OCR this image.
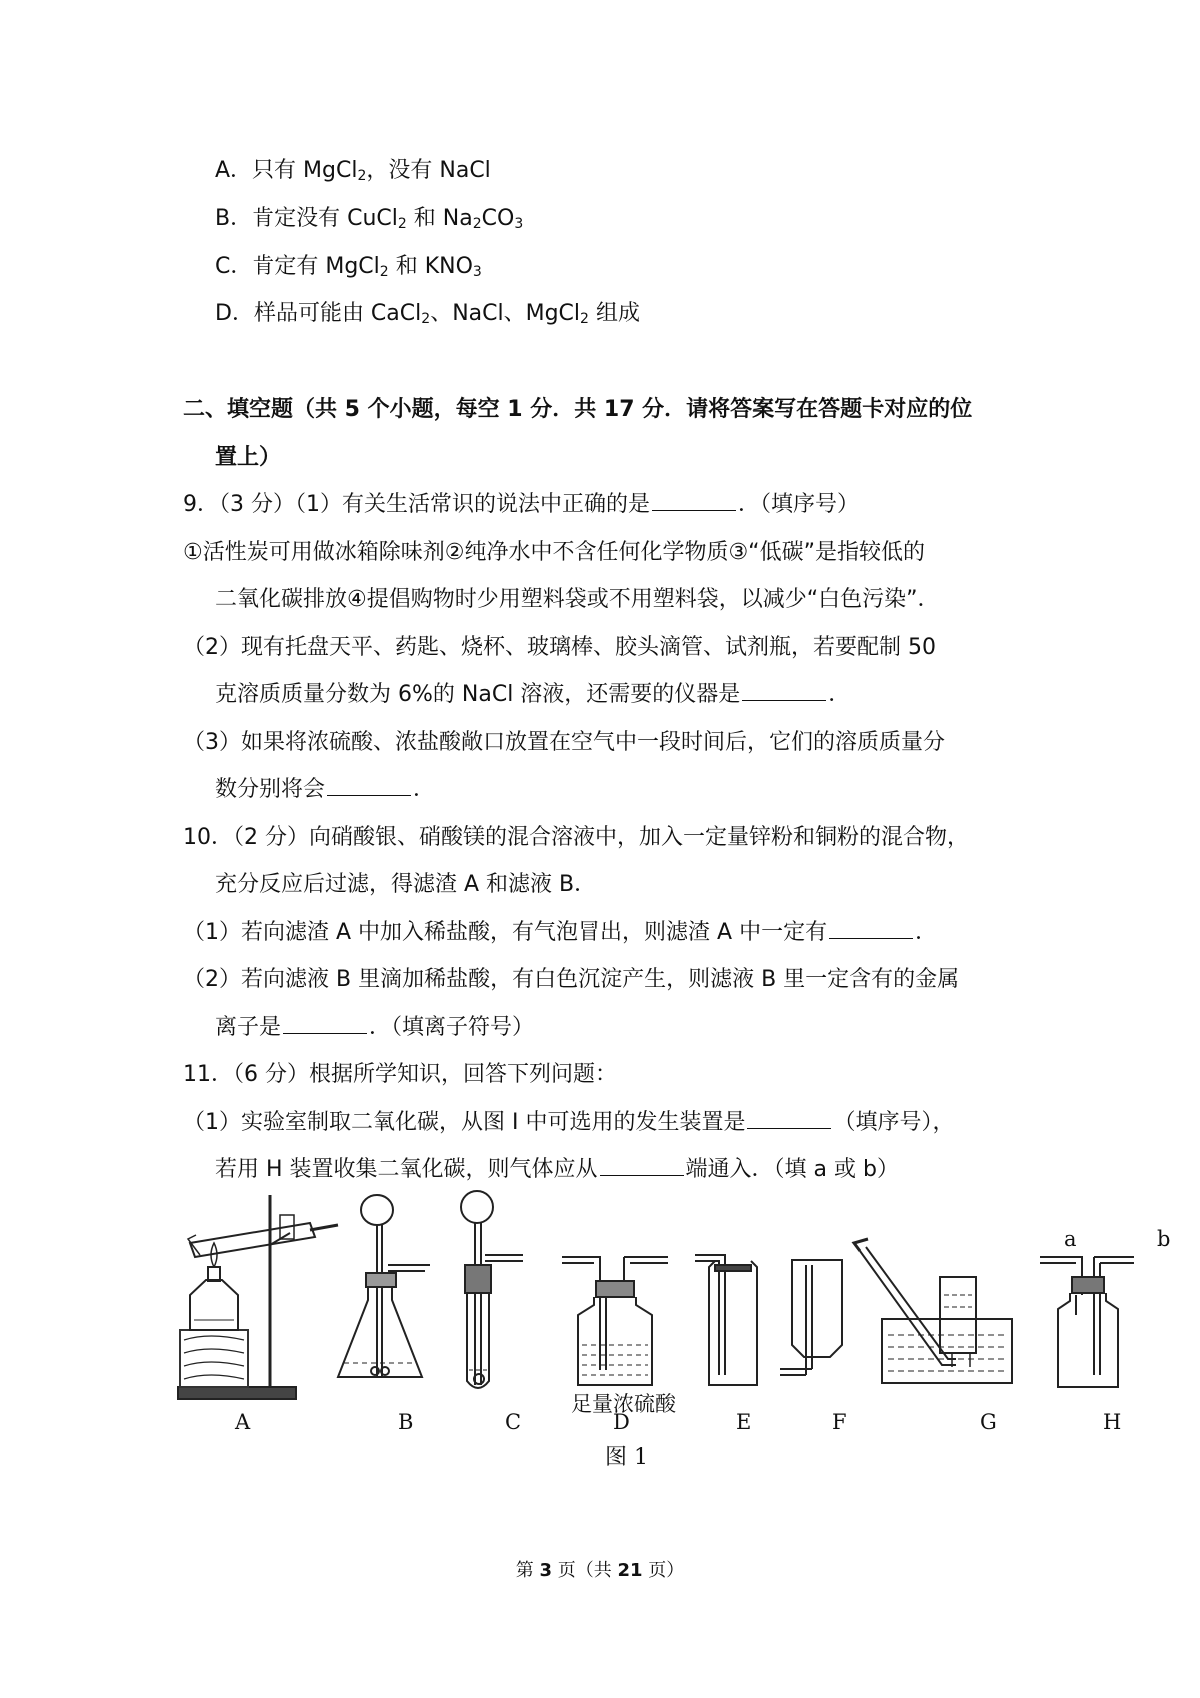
A．只有 MgCl$_2$，没有 NaCl
B．肯定没有 CuCl$_2$ 和 $Na_2CO_3$
C．肯定有 MgCl$_2$ 和 $KNO_3$
D．样品可能由 CaCl$_2$、NaCl、MgCl$_2$ 组成
二、填空题（共 5 个小题，每空 1 分．共 17 分．请将答案写在答题卡对应的位
置上）
9．（3 分）（1）有关生活常识的说法中正确的是	．（填序号）
①活性炭可用做冰箱除味剂②纯净水中不含任何化学物质③“低碳”是指较低的
二氧化碳排放④提倡购物时少用塑料袋或不用塑料袋，以减少“白色污染”．
（2）现有托盘天平、药匙、烧杯、玻璃棒、胶头滴管、试剂瓶，若要配制 50
克溶质质量分数为 6%的 NaCl 溶液，还需要的仪器是	．
（3）如果将浓硫酸、浓盐酸敞口放置在空气中一段时间后，它们的溶质质量分
数分别将会	．
10．（2 分）向硝酸银、硝酸镁的混合溶液中，加入一定量锌粉和铜粉的混合物，
充分反应后过滤，得滤渣 A 和滤液 B．
（1）若向滤渣 A 中加入稀盐酸，有气泡冒出，则滤渣 A 中一定有	．
（2）若向滤液 B 里滴加稀盐酸，有白色沉淀产生，则滤液 B 里一定含有的金属
离子是	．（填离子符号）
11．（6 分）根据所学知识，回答下列问题：
（1）实验室制取二氧化碳，从图 I 中可选用的发生装置是	（填序号），
若用 H 装置收集二氧化碳，则气体应从	端通入．（填 a 或 b）
a	b
足量浓硫酸
A	B	C	D	E	F	G	H
图 1
第 3 页（共 21 页）
